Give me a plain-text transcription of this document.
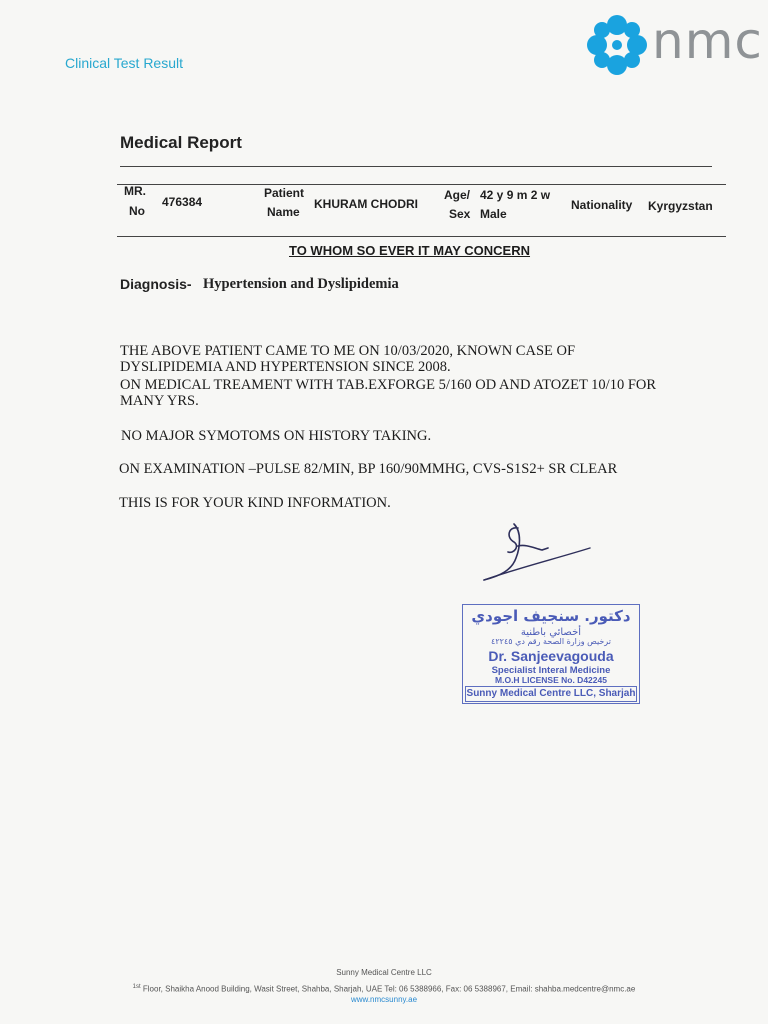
Clinical Test Result	nmc
Medical Report
MR.
No
476384
Patient
Name
KHURAM CHODRI
Age/
Sex
42 y 9 m 2 w
Male
Nationality Kyrgyzstan
TO WHOM SO EVER IT MAY CONCERN
Diagnosis- Hypertension and Dyslipidemia
THE ABOVE PATIENT CAME TO ME ON 10/03/2020, KNOWN CASE OF
DYSLIPIDEMIA AND HYPERTENSION SINCE 2008.
ON MEDICAL TREAMENT WITH TAB.EXFORGE 5/160 OD AND ATOZET 10/10 FOR
MANY YRS.
NO MAJOR SYMOTOMS ON HISTORY TAKING.
ON EXAMINATION –PULSE 82/MIN, BP 160/90MMHG, CVS-S1S2+ SR CLEAR
THIS IS FOR YOUR KIND INFORMATION.
دكتور. سنجيف اجودي
أخصائي باطنية
ترخيص وزارة الصحة رقم دي ٤٢٢٤٥
Dr. Sanjeevagouda
Specialist Interal Medicine
M.O.H LICENSE No. D42245
Sunny Medical Centre LLC, Sharjah
Sunny Medical Centre LLC
$^{1st}$ Floor, Shaikha Anood Building, Wasit Street, Shahba, Sharjah, UAE Tel: 06 5388966, Fax: 06 5388967, Email: shahba.medcentre@nmc.ae
www.nmcsunny.ae
